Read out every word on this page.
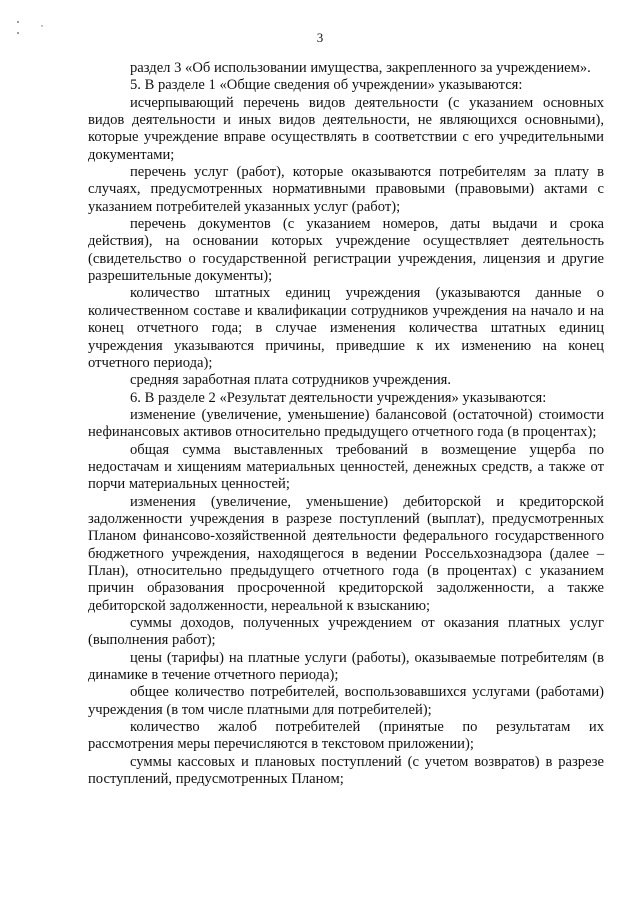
3

раздел 3 «Об использовании имущества, закрепленного за учреждением».

5. В разделе 1 «Общие сведения об учреждении» указываются:

исчерпывающий перечень видов деятельности (с указанием основных видов деятельности и иных видов деятельности, не являющихся основными), которые учреждение вправе осуществлять в соответствии с его учредительными документами;

перечень услуг (работ), которые оказываются потребителям за плату в случаях, предусмотренных нормативными правовыми (правовыми) актами с указанием потребителей указанных услуг (работ);

перечень документов (с указанием номеров, даты выдачи и срока действия), на основании которых учреждение осуществляет деятельность (свидетельство о государственной регистрации учреждения, лицензия и другие разрешительные документы);

количество штатных единиц учреждения (указываются данные о количественном составе и квалификации сотрудников учреждения на начало и на конец отчетного года; в случае изменения количества штатных единиц учреждения указываются причины, приведшие к их изменению на конец отчетного периода);

средняя заработная плата сотрудников учреждения.

6. В разделе 2 «Результат деятельности учреждения» указываются:

изменение (увеличение, уменьшение) балансовой (остаточной) стоимости нефинансовых активов относительно предыдущего отчетного года (в процентах);

общая сумма выставленных требований в возмещение ущерба по недостачам и хищениям материальных ценностей, денежных средств, а также от порчи материальных ценностей;

изменения (увеличение, уменьшение) дебиторской и кредиторской задолженности учреждения в разрезе поступлений (выплат), предусмотренных Планом финансово-хозяйственной деятельности федерального государственного бюджетного учреждения, находящегося в ведении Россельхознадзора (далее – План), относительно предыдущего отчетного года (в процентах) с указанием причин образования просроченной кредиторской задолженности, а также дебиторской задолженности, нереальной к взысканию;

суммы доходов, полученных учреждением от оказания платных услуг (выполнения работ);

цены (тарифы) на платные услуги (работы), оказываемые потребителям (в динамике в течение отчетного периода);

общее количество потребителей, воспользовавшихся услугами (работами) учреждения (в том числе платными для потребителей);

количество жалоб потребителей (принятые по результатам их рассмотрения меры перечисляются в текстовом приложении);

суммы кассовых и плановых поступлений (с учетом возвратов) в разрезе поступлений, предусмотренных Планом;
